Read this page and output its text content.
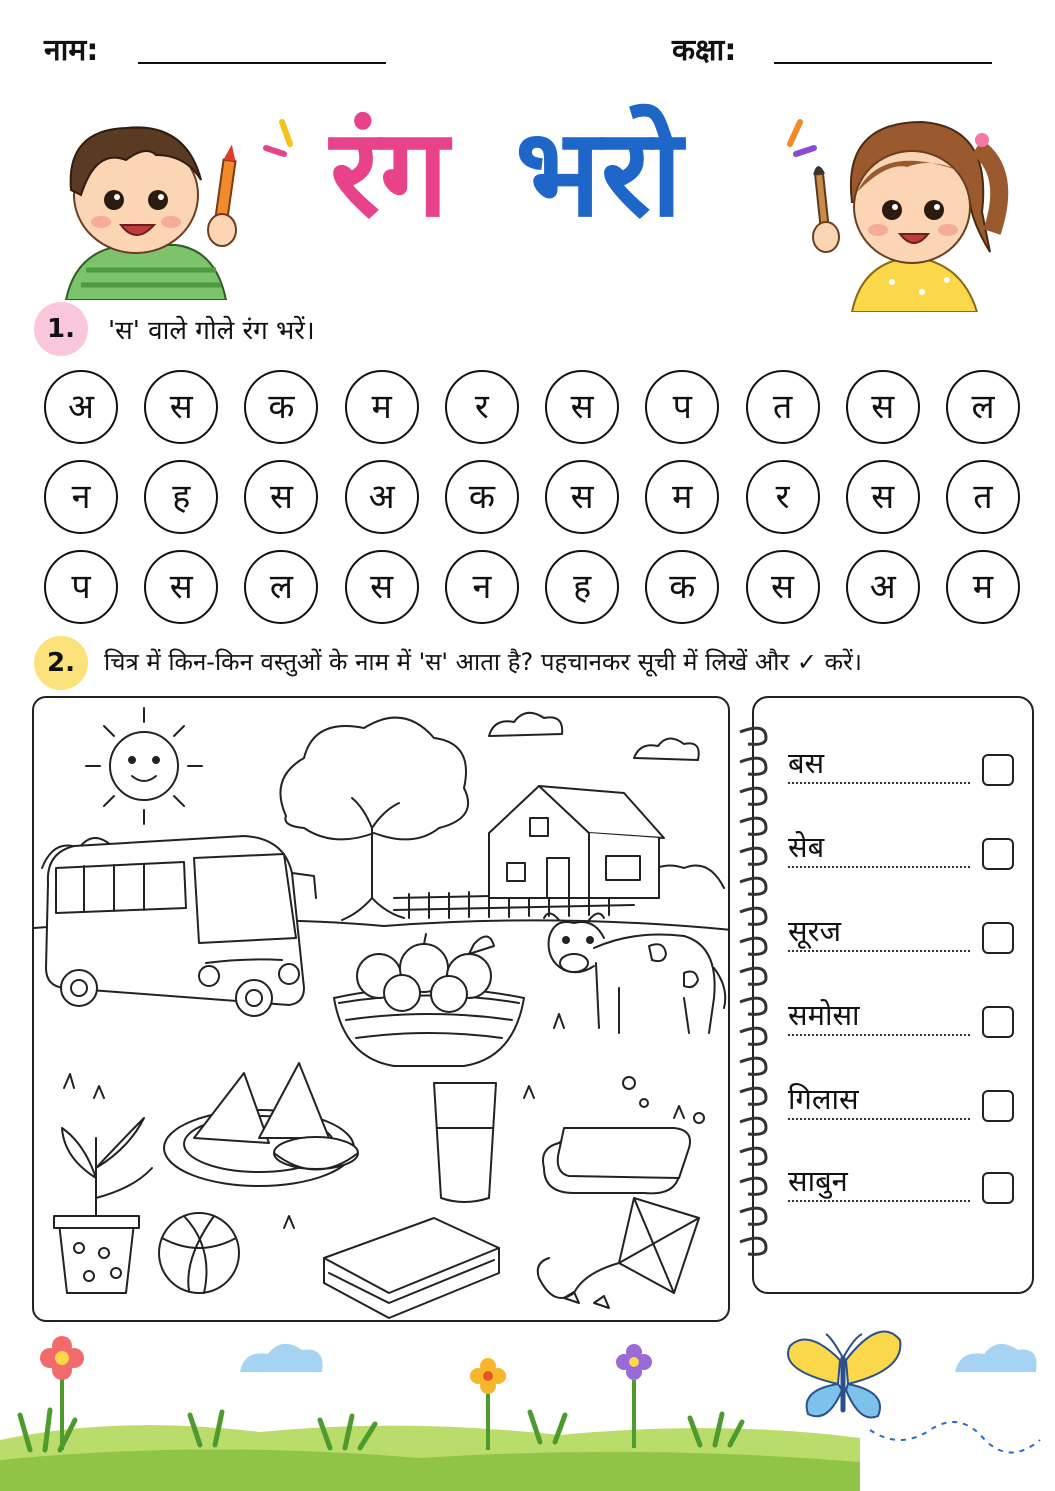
नाम:	कक्षा:
रंग भरो
1.	'स' वाले गोले रंग भरें।
अ	स	क	म	र	स	प	त	स	ल
न	ह	स	अ	क	स	म	र	स	त
प	स	ल	स	न	ह	क	स	अ	म
2.	चित्र में किन-किन वस्तुओं के नाम में 'स' आता है? पहचानकर सूची में लिखें और ✓ करें।
बस
सेब
सूरज
समोसा
गिलास
साबुन
